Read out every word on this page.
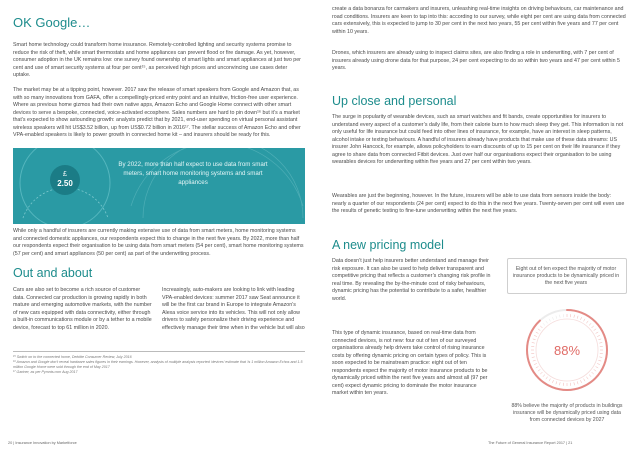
OK Google…

Smart home technology could transform home insurance. Remotely-controlled lighting and security systems promise to reduce the risk of theft, while smart thermostats and home appliances can prevent flood or fire damage. As yet, however, consumer adoption in the UK remains low: one survey found ownership of smart lights and smart appliances at just two per cent and use of smart security systems at four per cent¹⁵, as perceived high prices and unconvincing use cases deter uptake.

The market may be at a tipping point, however. 2017 saw the release of smart speakers from Google and Amazon that, as with so many innovations from GAFA, offer a compellingly-priced entry point and an intuitive, friction-free user experience. Where as previous home gizmos had their own native apps, Amazon Echo and Google Home connect with other smart devices to serve a bespoke, connected, voice-activated ecosphere. Sales numbers are hard to pin down¹⁶ but it’s a market that’s expected to show astounding growth: analysts predict that by 2021, end-user spending on virtual personal assistant wireless speakers will hit US$3.52 billion, up from US$0.72 billion in 2016¹⁷. The stellar success of Amazon Echo and other VPA-enabled speakers is likely to power growth in connected home kit – and insurers should be ready for this.

£
2.50

By 2022, more than half expect to use data from smart meters, smart home monitoring systems and smart appliances

While only a handful of insurers are currently making extensive use of data from smart meters, home monitoring systems and connected domestic appliances, our respondents expect this to change in the next five years. By 2022, more than half our respondents expect their organisation to be using data from smart meters (54 per cent), smart home monitoring systems (57 per cent) and smart appliances (50 per cent) as part of the underwriting process.

Out and about

Cars are also set to become a rich source of customer data. Connected car production is growing rapidly in both mature and emerging automotive markets, with the number of new cars equipped with data connectivity, either through a built-in communications module or by a tether to a mobile device, forecast to top 61 million in 2020.

Increasingly, auto-makers are looking to link with leading VPA-enabled devices: summer 2017 saw Seat announce it will be the first car brand in Europe to integrate Amazon’s Alexa voice service into its vehicles. This will not only allow drivers to safely personalize their driving experience and effectively manage their time when in the vehicle but will also

¹⁵ Switch on to the connected home, Deloitte Consumer Review, July 2016

¹⁶ Amazon and Google don’t reveal hardware sales figures in their earnings. However, analysts of multiple analysts reported ‘devices’ estimate that ‘is 1 million Amazon Echos and 1.5 million Google Home were sold through the end of May 2017

¹⁷ Gartner, as per Pymnts.com Aug 2017

20 | Insurance Innovation by Marketforce

create a data bonanza for carmakers and insurers, unleashing real-time insights on driving behaviours, car maintenance and road conditions. Insurers are keen to tap into this: according to our survey, while eight per cent are using data from connected cars extensively, this is expected to jump to 30 per cent in the next two years, 55 per cent within five years and 77 per cent within 10 years.

Drones, which insurers are already using to inspect claims sites, are also finding a role in underwriting, with 7 per cent of insurers already using drone data for that purpose, 24 per cent expecting to do so within two years and 47 per cent within 5 years.

Up close and personal

The surge in popularity of wearable devices, such as smart watches and fit bands, create opportunities for insurers to understand every aspect of a customer’s daily life, from their calorie burn to how much sleep they get. This information is not only useful for life insurance but could feed into other lines of insurance, for example, have an interest in sleep patterns, alcohol intake or texting behaviours. A handful of insurers already have products that make use of these data streams: US insurer John Hancock, for example, allows policyholders to earn discounts of up to 15 per cent on their life insurance if they agree to share data from connected Fitbit devices. Just over half our organisations expect their organisation to be using wearables devices for underwriting within five years and 27 per cent within two years.

Wearables are just the beginning, however. In the future, insurers will be able to use data from sensors inside the body: nearly a quarter of our respondents (24 per cent) expect to do this in the next five years. Twenty-seven per cent will even use the results of genetic testing to fine-tune underwriting within the next five years.

A new pricing model

Data doesn’t just help insurers better understand and manage their risk exposure. It can also be used to help deliver transparent and competitive pricing that reflects a customer’s changing risk profile in real time. By revealing the by-the-minute cost of risky behaviours, dynamic pricing has the potential to contribute to a safer, healthier world.

This type of dynamic insurance, based on real-time data from connected devices, is not new: four out of ten of our surveyed organisations already help drivers take control of rising insurance costs by offering dynamic pricing on certain types of policy. This is soon expected to be mainstream practice: eight out of ten respondents expect the majority of motor insurance products to be dynamically priced within the next five years and almost all (97 per cent) expect dynamic pricing to dominate the motor insurance market within ten years.

Eight out of ten expect the majority of motor insurance products to be dynamically priced in the next five years

88%

88% believe the majority of products in buildings insurance will be dynamically priced using data from connected devices by 2027

The Future of General Insurance Report 2017 | 21
